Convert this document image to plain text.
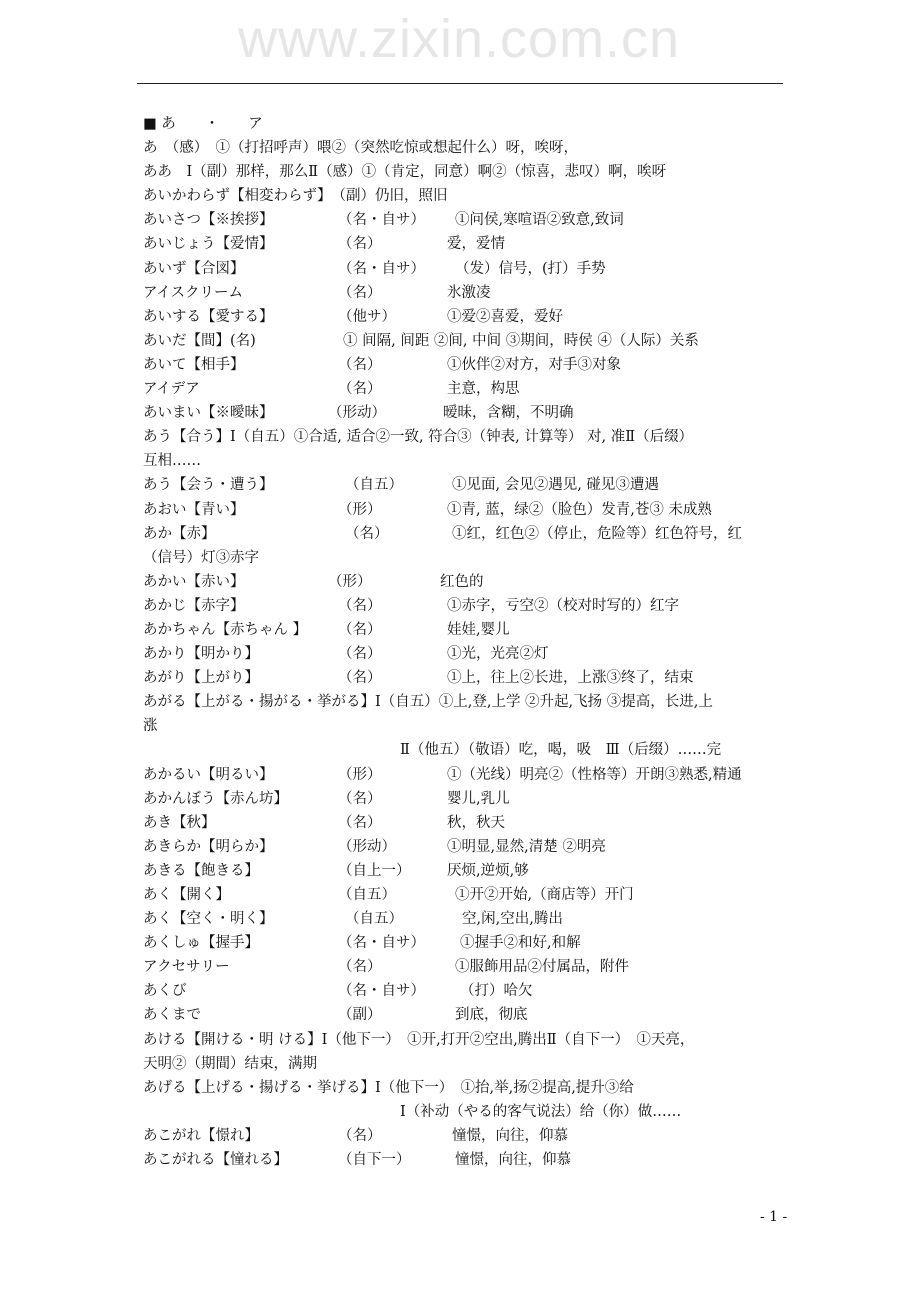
www.zixin.com.cn
■ あ　　・　　ア
あ　（感）　①（打招呼声）喂②（突然吃惊或想起什么）呀，唉呀，
ああ　Ⅰ（副）那样，那么Ⅱ（感）①（肯定，同意）啊②（惊喜，悲叹）啊，唉呀
あいかわらず【相変わらず】　（副）仍旧，照旧
あいさつ【※挨拶】	（名・自サ）	①问侯,寒喧语②致意,致词
あいじょう【爱情】	（名）	爱，爱情
あいず【合図】	（名・自サ）	（发）信号，(打）手势
アイスクリーム	（名）	氷激凌
あいする【愛する】	（他サ）	①爱②喜爱，爱好
あいだ【間】(名)	① 间隔, 间距 ②间, 中间 ③期间，時侯 ④（人际）关系
あいて【相手】	（名）	①伙伴②对方，对手③对象
アイデア	（名）	主意，构思
あいまい【※曖昧】	（形动）	暧昧，含糊，不明确
あう【合う】Ⅰ（自五）①合适, 适合②一致, 符合③（钟表, 计算等） 对, 准Ⅱ（后缀）
互相……
あう【会う・遭う】	（自五）	①见面, 会见②遇见, 碰见③遭遇
あおい【青い】	（形）	①青, 蓝，绿②（脸色）发青,苍③ 未成熟
あか【赤】	（名）	①红，红色②（停止，危险等）红色符号，红
（信号）灯③赤字
あかい【赤い】	（形）	红色的
あかじ【赤字】	（名）	①赤字，亏空②（校对时写的）红字
あかちゃん【赤ちゃん 】	（名）	娃娃,婴儿
あかり【明かり】	（名）	①光，光亮②灯
あがり【上がり】	（名）	①上，往上②长进，上涨③终了，结束
あがる【上がる・揚がる・挙がる】Ⅰ（自五）①上,登,上学 ②升起,飞扬 ③提高，长进,上
涨
Ⅱ（他五）（敬语）吃，喝，吸　Ⅲ（后缀）……完
あかるい【明るい】	（形）	①（光线）明亮②（性格等）开朗③熟悉,精通
あかんぼう【赤ん坊】	（名）	婴儿,乳儿
あき【秋】	（名）	秋，秋天
あきらか【明らか】	（形动）	①明显,显然,清楚 ②明亮
あきる【飽きる】	（自上一）	厌烦,逆烦,够
あく【開く】	（自五）	①开②开始,（商店等）开门
あく【空く・明く】	（自五）	空,闲,空出,腾出
あくしゅ【握手】	（名・自サ）	①握手②和好,和解
アクセサリー	（名）	①服飾用品②付属品，附件
あくび	（名・自サ）	（打）哈欠
あくまで	（副）	到底，彻底
あける【開ける・明 ける】Ⅰ（他下一）　①开,打开②空出,腾出Ⅱ（自下一）　①天亮，
天明②（期間）结束，满期
あげる【上げる・揚げる・挙げる】Ⅰ（他下一）　①抬,举,扬②提高,提升③给
Ⅰ（补动（やる的客气说法）给（你）做……
あこがれ【憬れ】	（名）	憧憬，向往，仰慕
あこがれる【憧れる】	（自下一）	憧憬，向往，仰慕
- 1 -
